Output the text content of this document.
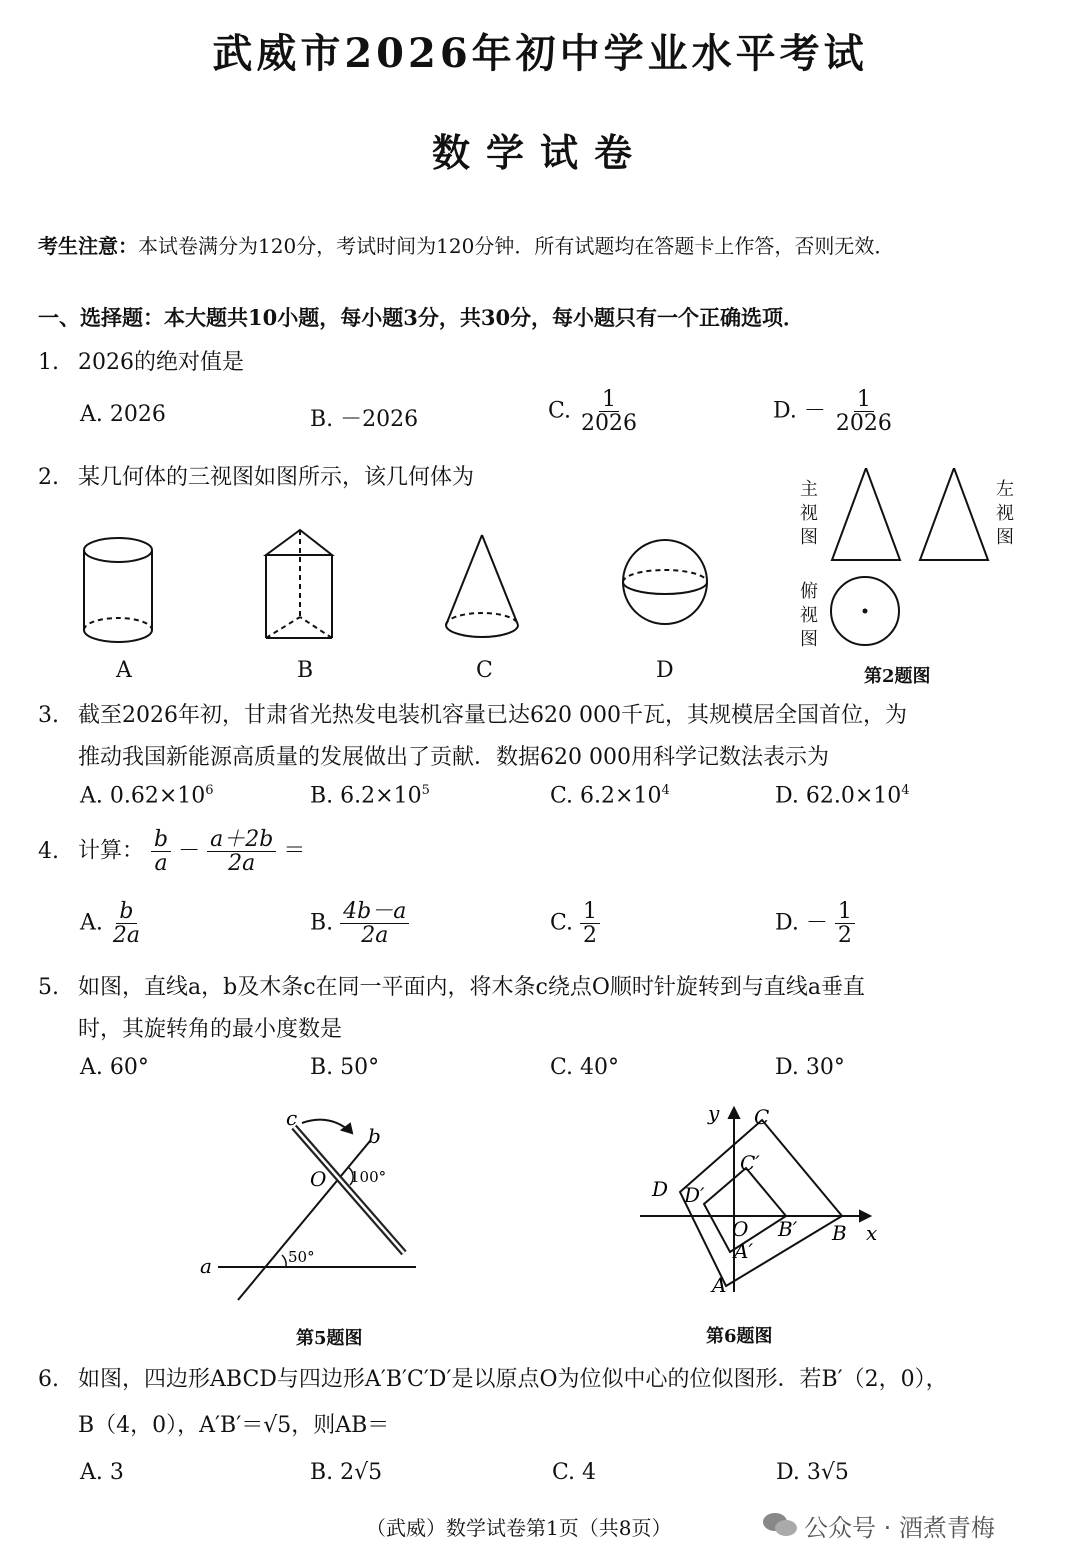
武威市2026年初中学业水平考试
数学试卷
考生注意：本试卷满分为120分，考试时间为120分钟．所有试题均在答题卡上作答，否则无效．
一、选择题：本大题共10小题，每小题3分，共30分，每小题只有一个正确选项．
1. 2026的绝对值是
A. 2026	B. －2026	C. $\frac{1}{2026}$	D. － $\frac{1}{2026}$
2. 某几何体的三视图如图所示，该几何体为
A	B	C	D
主视图
左视图
俯视图
第2题图
3. 截至2026年初，甘肃省光热发电装机容量已达620 000千瓦，其规模居全国首位，为
推动我国新能源高质量的发展做出了贡献．数据620 000用科学记数法表示为
A. $0.62\times 10^6$	B. $6.2\times 10^5$	C. $6.2\times 10^4$	D. $62.0\times 10^4$
4. 计算： $\frac{b}{a} - \frac{a+2b}{2a}$ ＝
A. $\frac{b}{2a}$	B. $\frac{4b-a}{2a}$	C. $\frac{1}{2}$	D. － $\frac{1}{2}$
5. 如图，直线a，b及木条c在同一平面内，将木条c绕点O顺时针旋转到与直线a垂直
时，其旋转角的最小度数是
A. 60°	B. 50°	C. 40°	D. 30°
c
b
O 100°
50°
a
第5题图
y
x
C
C′
D D′
O B′ B
A′
A
第6题图
6. 如图，四边形ABCD与四边形A′B′C′D′是以原点O为位似中心的位似图形．若B′（2，0），
B（4，0），A′B′＝√5，则AB＝
A. 3	B. 2√5	C. 4	D. 3√5
（武威）数学试卷第1页（共8页）	公众号 · 酒煮青梅
